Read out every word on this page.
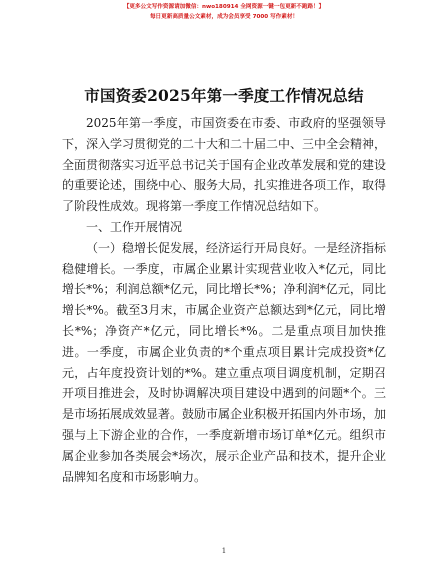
【更多公文写作资源请加微信：nwo180914 全网资源一键一包更新不跑路！】
每日更新高质量公文素材，成为会员享受 7000 写作素材！
市国资委2025年第一季度工作情况总结

2025年第一季度，市国资委在市委、市政府的坚强领导下，深入学习贯彻党的二十大和二十届二中、三中全会精神，全面贯彻落实习近平总书记关于国有企业改革发展和党的建设的重要论述，围绕中心、服务大局，扎实推进各项工作，取得了阶段性成效。现将第一季度工作情况总结如下。

一、工作开展情况

（一）稳增长促发展，经济运行开局良好。一是经济指标稳健增长。一季度，市属企业累计实现营业收入*亿元，同比增长*%；利润总额*亿元，同比增长*%；净利润*亿元，同比增长*%。截至3月末，市属企业资产总额达到*亿元，同比增长*%；净资产*亿元，同比增长*%。二是重点项目加快推进。一季度，市属企业负责的*个重点项目累计完成投资*亿元，占年度投资计划的*%。建立重点项目调度机制，定期召开项目推进会，及时协调解决项目建设中遇到的问题*个。三是市场拓展成效显著。鼓励市属企业积极开拓国内外市场，加强与上下游企业的合作，一季度新增市场订单*亿元。组织市属企业参加各类展会*场次，展示企业产品和技术，提升企业品牌知名度和市场影响力。

1
